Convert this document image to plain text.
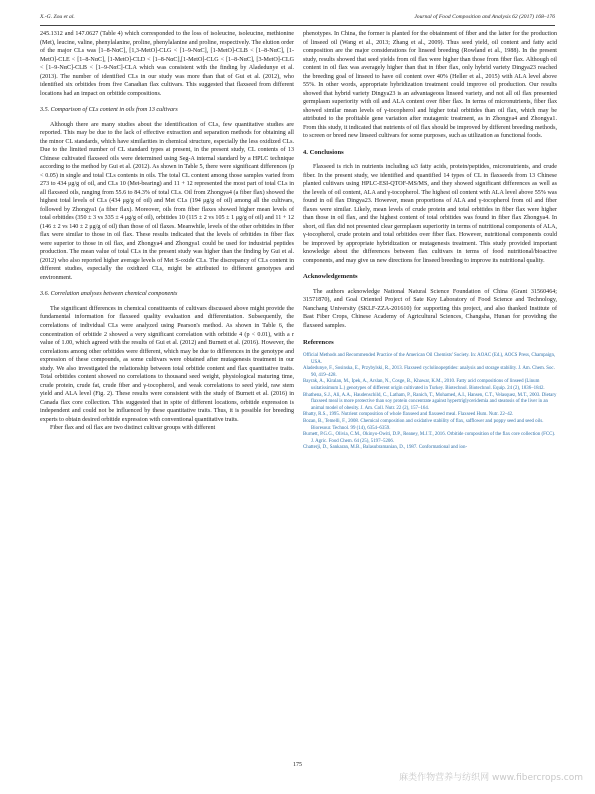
X.-G. Zou et al.	Journal of Food Composition and Analysis 62 (2017) 168–176

245.1312 and 147.0627 (Table 4) which corresponded to the loss of isoleucine, isoleucine, methionine (Met), leucine, valine, phenylalanine, proline, phenylalanine and proline, respectively. The elution order of the major CLs was [1–8-NαC], [1,3-MetO]-CLG < [1–9-NαC], [1-MetO]-CLB < [1–8-NαC], [1-MetO]-CLE < [1–8-NαC], [1-MetO]-CLD < [1–8-NαC],[1-MetO]-CLG < [1–8-NαC], [3-MetO]-CLG < [1–9-NαC]-CLB < [1–9-NαC]-CLA which was consistent with the finding by Aladedunye et al. (2013). The number of identified CLs in our study was more than that of Gui et al. (2012), who identified six orbitides from five Canadian flax cultivars. This suggested that flaxseed from different locations had an impact on orbitide compositions.

3.5. Comparison of CLs content in oils from 13 cultivars

Although there are many studies about the identification of CLs, few quantitative studies are reported. This may be due to the lack of effective extraction and separation methods for obtaining all the minor CL standards, which have similarities in chemical structure, especially the less oxidized CLs. Due to the limited number of CL standard types at present, in the present study, CL contents of 13 Chinese cultivated flaxseed oils were determined using Seg-A internal standard by a HPLC technique according to the method by Gui et al. (2012). As shown in Table 5, there were significant differences (p < 0.05) in single and total CLs contents in oils. The total CL content among those samples varied from 273 to 434 μg/g of oil, and CLs 10 (Met-bearing) and 11 + 12 represented the most part of total CLs in all flaxseed oils, ranging from 55.6 to 84.3% of total CLs. Oil from Zhongya4 (a fiber flax) showed the highest total levels of CLs (434 μg/g of oil) and Met CLs (194 μg/g of oil) among all the cultivars, followed by Zhongya1 (a fiber flax). Moreover, oils from fiber flaxes showed higher mean levels of total orbitides (350 ± 3 vs 335 ± 4 μg/g of oil), orbitides 10 (115 ± 2 vs 105 ± 1 μg/g of oil) and 11 + 12 (146 ± 2 vs 140 ± 2 μg/g of oil) than those of oil flaxes. Meanwhile, levels of the other orbitides in fiber flax were similar to those in oil flax. These results indicated that the levels of orbitides in fiber flax were superior to those in oil flax, and Zhongya4 and Zhongya1 could be used for industrial peptides production. The mean value of total CLs in the present study was higher than the finding by Gui et al. (2012) who also reported higher average levels of Met S-oxide CLs. The discrepancy of CLs content in different studies, especially the oxidized CLs, might be attributed to different genotypes and environment.

3.6. Correlation analyses between chemical components

The significant differences in chemical constituents of cultivars discussed above might provide the fundamental information for flaxseed quality evaluation and differentiation. Subsequently, the correlations of individual CLs were analyzed using Pearson's method. As shown in Table 6, the concentration of orbitide 2 showed a very significant correlation with orbitide 4 (p < 0.01), with a r value of 1.00, which agreed with the results of Gui et al. (2012) and Burnett et al. (2016). However, the correlations among other orbitides were different, which may be due to differences in the genotype and expression of these compounds, as some cultivars were obtained after mutagenesis treatment in our study. We also investigated the relationship between total orbitide content and flax quantitative traits. Total orbitides content showed no correlations to thousand seed weight, physiological maturing time, crude protein, crude fat, crude fiber and γ-tocopherol, and weak correlations to seed yield, raw stem yield and ALA level (Fig. 2). These results were consistent with the study of Burnett et al. (2016) in Canada flax core collection. This suggested that in spite of different locations, orbitide expression is independent and could not be influenced by these quantitative traits. Thus, it is possible for breeding experts to obtain desired orbitide expression with conventional quantitative traits.

Fiber flax and oil flax are two distinct cultivar groups with different

phenotypes. In China, the former is planted for the obtainment of fiber and the latter for the production of linseed oil (Wang et al., 2013; Zhang et al., 2009). Thus seed yield, oil content and fatty acid composition are the major considerations for linseed breeding (Rowland et al., 1988). In the present study, results showed that seed yields from oil flax were higher than those from fiber flax. Although oil content in oil flax was averagely higher than that in fiber flax, only hybrid variety Dingya23 reached the breeding goal of linseed to have oil content over 40% (Heller et al., 2015) with ALA level above 55%. In other words, appropriate hybridization treatment could improve oil production. Our results showed that hybrid variety Dingya23 is an advantageous linseed variety, and not all oil flax presented germplasm superiority with oil and ALA content over fiber flax. In terms of micronutrients, fiber flax showed similar mean levels of γ-tocopherol and higher total orbitides than oil flax, which may be attributed to the profitable gene variation after mutagenic treatment, as in Zhongya4 and Zhongya1. From this study, it indicated that nutrients of oil flax should be improved by different breeding methods, to screen or breed new linseed cultivars for some purposes, such as utilization as functional foods.

4. Conclusions

Flaxseed is rich in nutrients including ω3 fatty acids, protein/peptides, micronutrients, and crude fiber. In the present study, we identified and quantified 14 types of CL in flaxseeds from 13 Chinese planted cultivars using HPLC-ESI-QTOF-MS/MS, and they showed significant differences as well as the levels of oil content, ALA and γ-tocopherol. The highest oil content with ALA level above 55% was found in oil flax Dingya23. However, mean proportions of ALA and γ-tocopherol from oil and fiber flaxes were similar. Likely, mean levels of crude protein and total orbitides in fiber flax were higher than those in oil flax, and the highest content of total orbitides was found in fiber flax Zhongya4. In short, oil flax did not presented clear germplasm superiority in terms of nutritional components of ALA, γ-tocopherol, crude protein and total orbitides over fiber flax. However, nutritional components could be improved by appropriate hybridization or mutagenesis treatment. This study provided important knowledge about the differences between flax cultivars in terms of food nutritional/bioactive components, and may give us new directions for linseed breeding to improve its nutritional quality.

Acknowledgements

The authors acknowledge National Natural Science Foundation of China (Grant 31560464; 31571870), and Goal Oriented Project of Sate Key Laboratory of Food Science and Technology, Nanchang University (SKLF-ZZA-201610) for supporting this project, and also thanked Institute of Bast Fiber Crops, Chinese Academy of Agricultural Sciences, Changsha, Hunan for providing the flaxseed samples.

References
Official Methods and Recommended Practice of the American Oil Chemists' Society. In: AOAC (Ed.), AOCS Press, Champaign, USA.
Aladedunye, F., Sosinska, E., Przybylski, R., 2013. Flaxseed cyclolinopeptides: analysis and storage stability. J. Am. Chem. Soc. 90, 419–428.
Bayrak, A., Kiralan, M., Ipek, A., Arslan, N., Cosge, B., Khawar, K.M., 2010. Fatty acid compositions of linseed (Linum usitatissimum L.) genotypes of different origin cultivated in Turkey. Biotechnol. Biotechnol. Equip. 24 (2), 1836–1842.
Bhathena, S.J., Ali, A.A., Haudenschild, C., Latham, P., Ranich, T., Mohamed, A.I., Hansen, C.T., Velasquez, M.T., 2003. Dietary flaxseed meal is more protective than soy protein concentrate against hypertriglyceridemia and steatosis of the liver in an animal model of obesity. J. Am. Coll. Nutr. 22 (2), 157–164.
Bhatty, R.S., 1995. Nutrient composition of whole flaxseed and flaxseed meal. Flaxseed Hum. Nutr. 22–42.
Bozan, B., Temelli, F., 2008. Chemical composition and oxidative stability of flax, safflower and poppy seed and seed oils. Bioresour. Technol. 99 (14), 6354–6359.
Burnett, P.G.G., Olivia, C.M., Okinyo-Owiti, D.P., Reaney, M.J.T., 2016. Orbitide composition of the flax core collection (FCC). J. Agric. Food Chem. 64 (25), 5197–5206.
Chatterji, D., Sankaran, M.B., Balasubramanian, D., 1987. Conformational and ion-
175
麻类作物营养与纺织网 www.fibercrops.com
